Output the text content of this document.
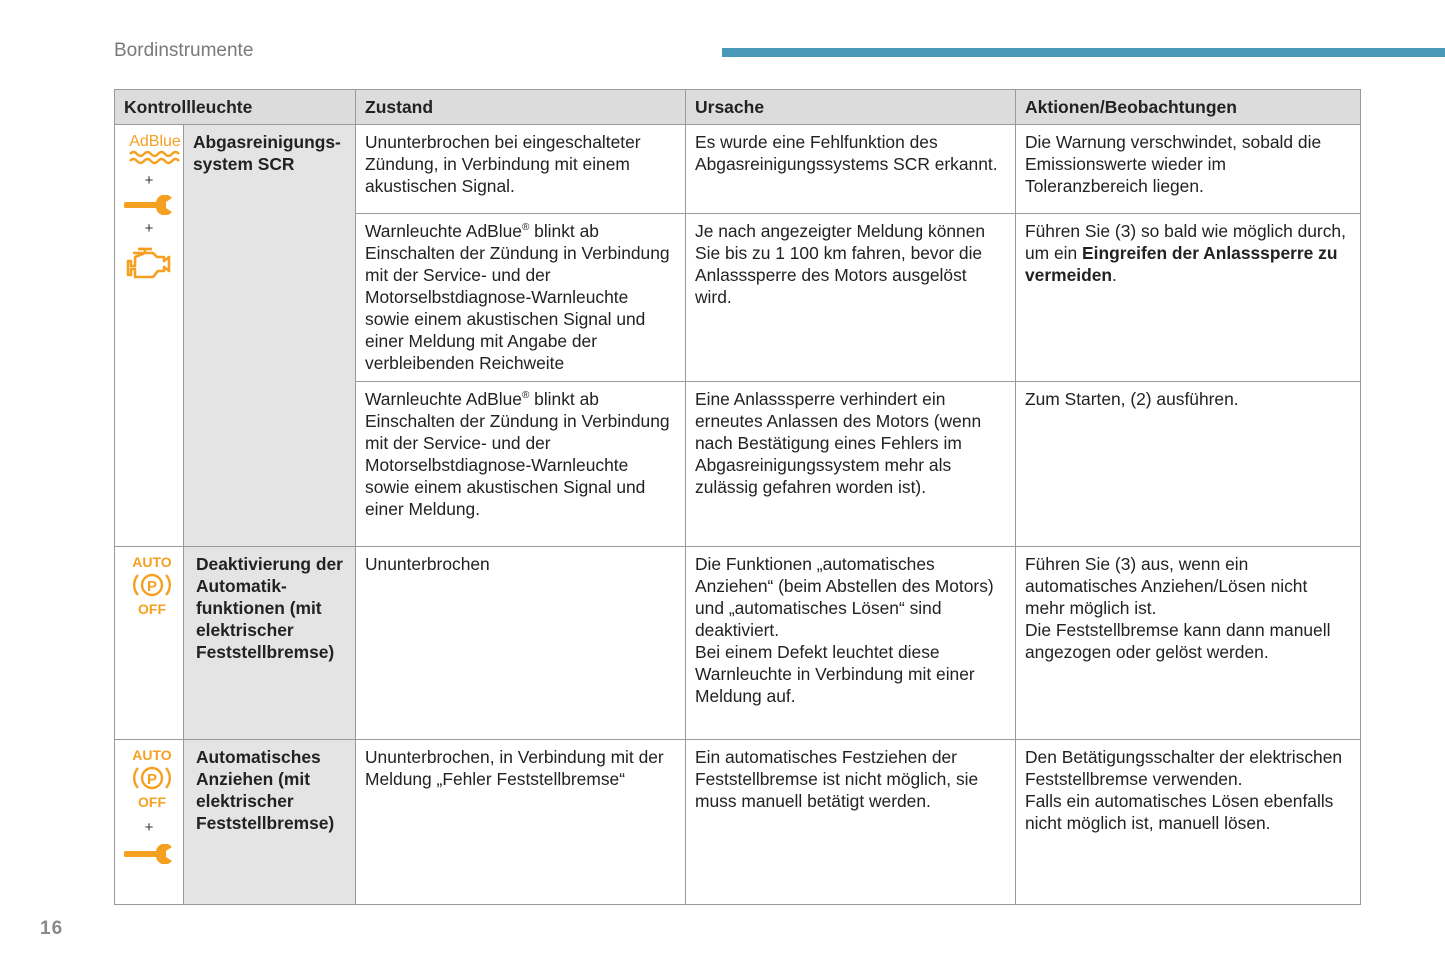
Bordinstrumente
Kontrollleuchte		Zustand	Ursache	Aktionen/Beobachtungen

AdBlue
+
+	Abgasreinigungs-system SCR	Ununterbrochen bei eingeschalteter Zündung, in Verbindung mit einem akustischen Signal.	Es wurde eine Fehlfunktion des Abgasreinigungssystems SCR erkannt.	Die Warnung verschwindet, sobald die Emissionswerte wieder im Toleranzbereich liegen.
		Warnleuchte AdBlue® blinkt ab Einschalten der Zündung in Verbindung mit der Service- und der Motorselbstdiagnose-Warnleuchte sowie einem akustischen Signal und einer Meldung mit Angabe der verbleibenden Reichweite	Je nach angezeigter Meldung können Sie bis zu 1 100 km fahren, bevor die Anlasssperre des Motors ausgelöst wird.	Führen Sie (3) so bald wie möglich durch, um ein Eingreifen der Anlasssperre zu vermeiden.
		Warnleuchte AdBlue® blinkt ab Einschalten der Zündung in Verbindung mit der Service- und der Motorselbstdiagnose-Warnleuchte sowie einem akustischen Signal und einer Meldung.	Eine Anlasssperre verhindert ein erneutes Anlassen des Motors (wenn nach Bestätigung eines Fehlers im Abgasreinigungssystem mehr als zulässig gefahren worden ist).	Zum Starten, (2) ausführen.

AUTO
P
OFF	Deaktivierung der Automatik-funktionen (mit elektrischer Feststellbremse)	Ununterbrochen	Die Funktionen „automatisches Anziehen“ (beim Abstellen des Motors) und „automatisches Lösen“ sind deaktiviert.
Bei einem Defekt leuchtet diese Warnleuchte in Verbindung mit einer Meldung auf.	Führen Sie (3) aus, wenn ein automatisches Anziehen/Lösen nicht mehr möglich ist.
Die Feststellbremse kann dann manuell angezogen oder gelöst werden.

AUTO
P
OFF
+	Automatisches Anziehen (mit elektrischer Feststellbremse)	Ununterbrochen, in Verbindung mit der Meldung „Fehler Feststellbremse“	Ein automatisches Festziehen der Feststellbremse ist nicht möglich, sie muss manuell betätigt werden.	Den Betätigungsschalter der elektrischen Feststellbremse verwenden.
Falls ein automatisches Lösen ebenfalls nicht möglich ist, manuell lösen.
16
